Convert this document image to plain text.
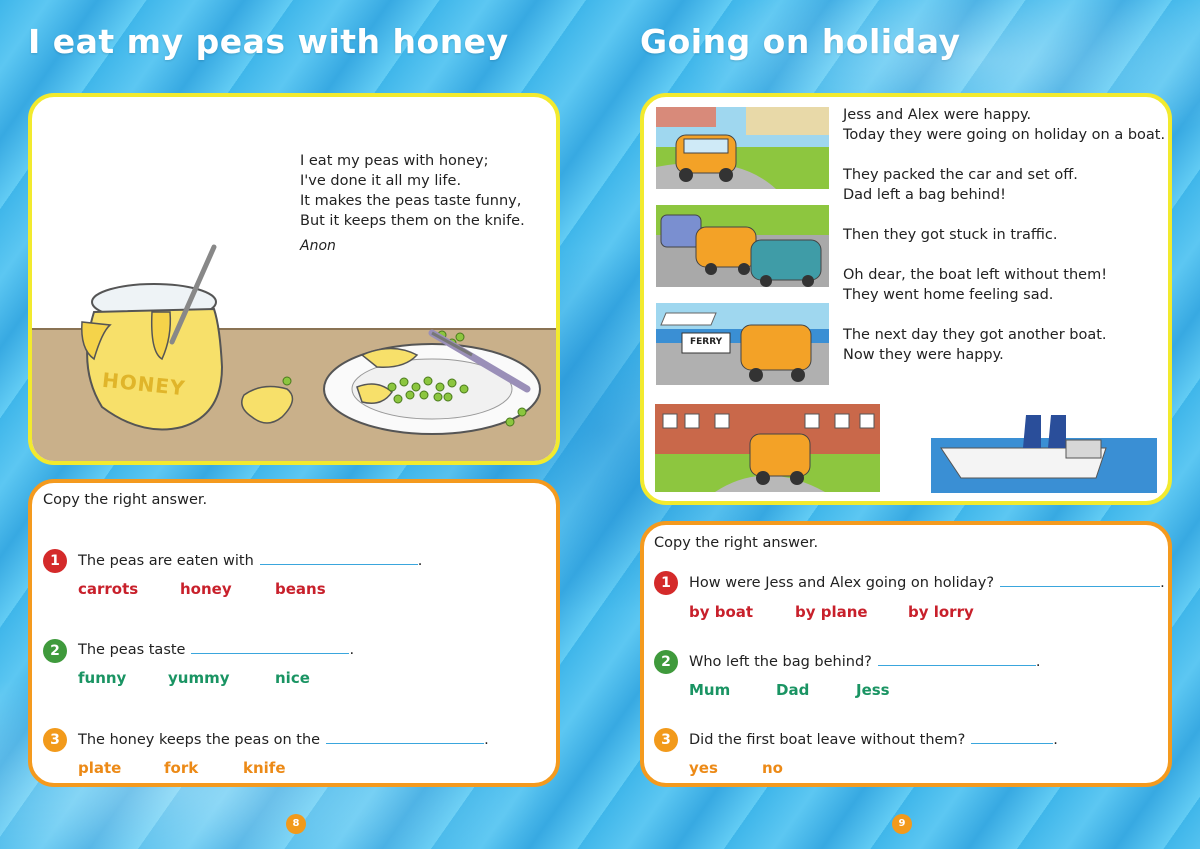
I eat my peas with honey
HONEY
I eat my peas with honey;
I've done it all my life.
It makes the peas taste funny,
But it keeps them on the knife.
Anon
Copy the right answer.
1	The peas are eaten with	.
carrots	honey	beans
2	The peas taste	.
funny	yummy	nice
3	The honey keeps the peas on the	.
plate	fork	knife
8
Going on holiday
FERRY
Jess and Alex were happy.
Today they were going on holiday on a boat.
They packed the car and set off.
Dad left a bag behind!
Then they got stuck in traffic.
Oh dear, the boat left without them!
They went home feeling sad.
The next day they got another boat.
Now they were happy.
Copy the right answer.
1	How were Jess and Alex going on holiday?	.
by boat	by plane	by lorry
2	Who left the bag behind?	.
Mum	Dad	Jess
3	Did the first boat leave without them?	.
yes	no
9
